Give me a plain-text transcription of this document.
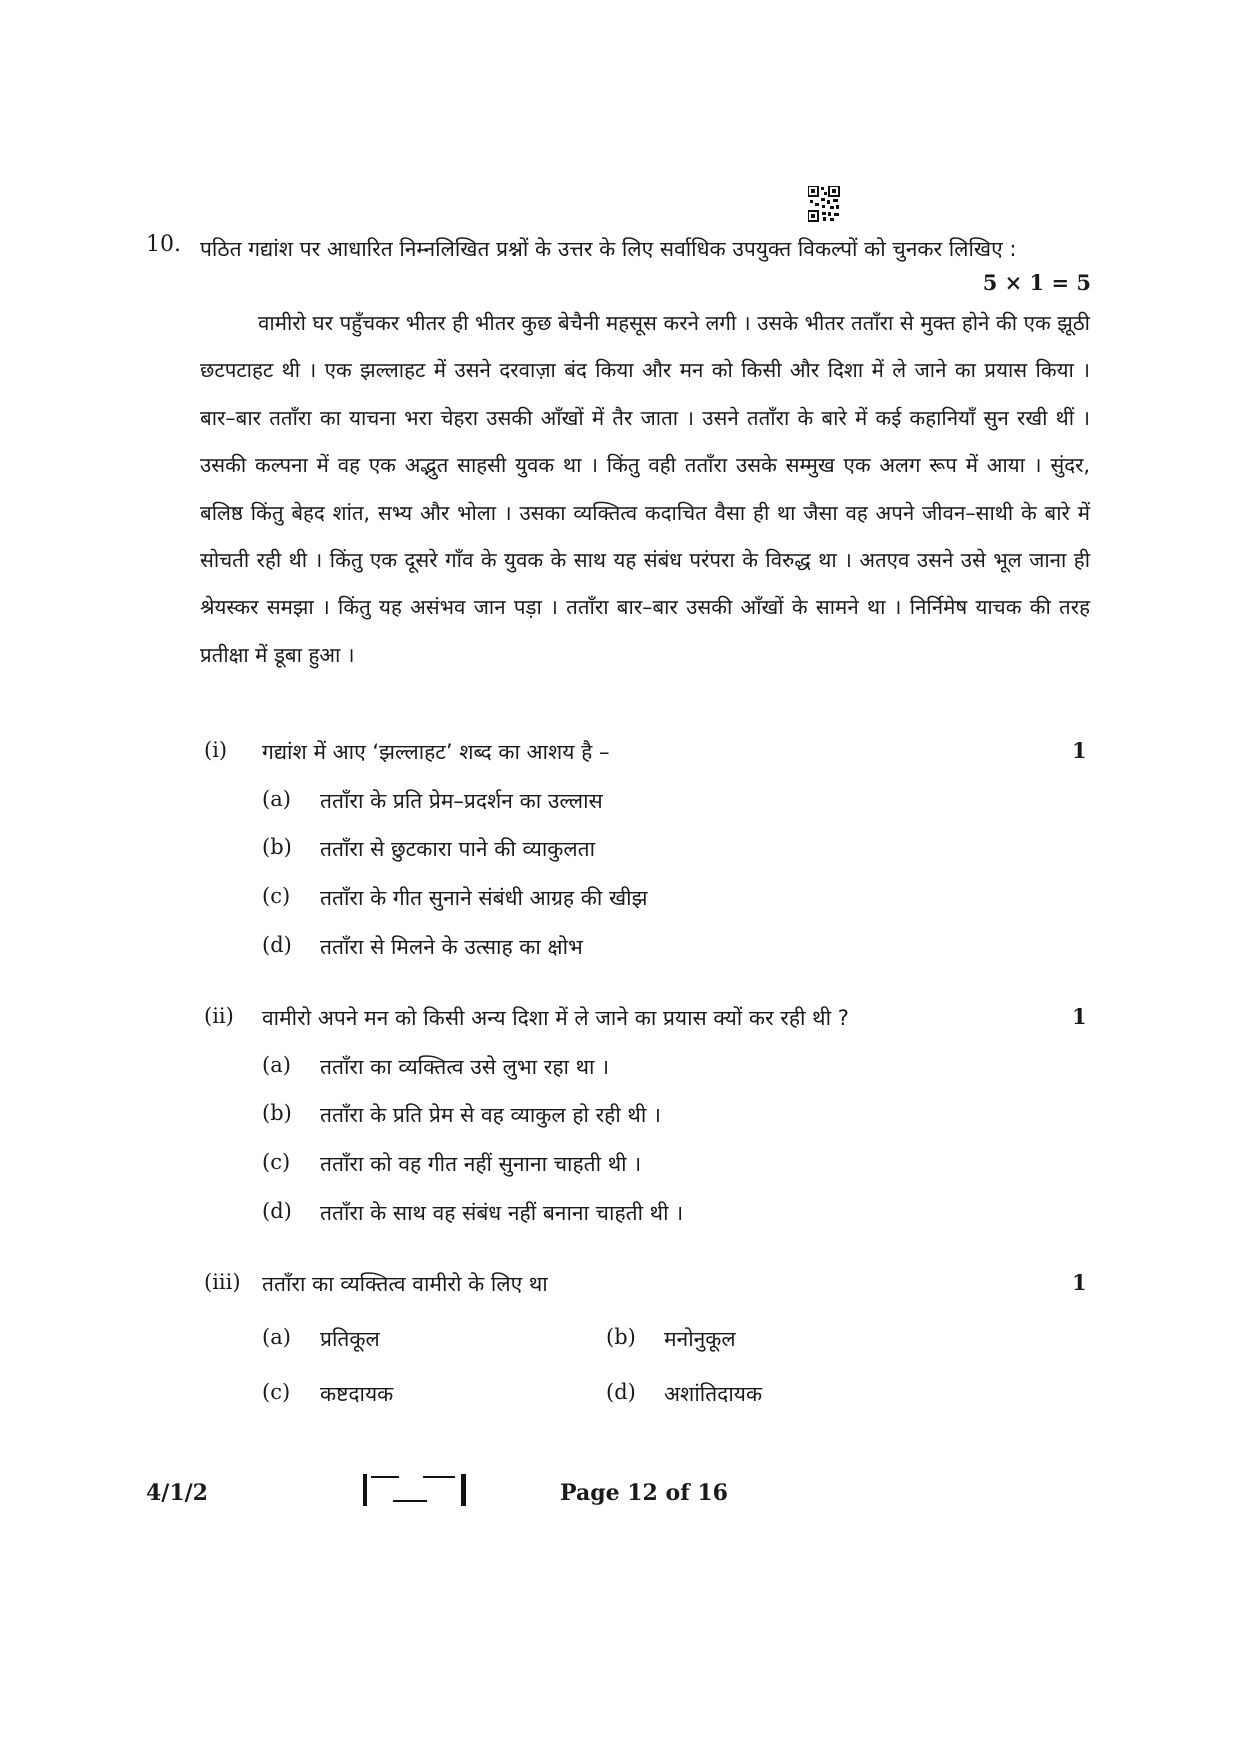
10. पठित गद्यांश पर आधारित निम्नलिखित प्रश्नों के उत्तर के लिए सर्वाधिक उपयुक्त विकल्पों को चुनकर लिखिए :
5 × 1 = 5
वामीरो घर पहुँचकर भीतर ही भीतर कुछ बेचैनी महसूस करने लगी । उसके भीतर तताँरा से मुक्त होने की एक झूठी छटपटाहट थी । एक झल्लाहट में उसने दरवाज़ा बंद किया और मन को किसी और दिशा में ले जाने का प्रयास किया । बार–बार तताँरा का याचना भरा चेहरा उसकी आँखों में तैर जाता । उसने तताँरा के बारे में कई कहानियाँ सुन रखी थीं । उसकी कल्पना में वह एक अद्भुत साहसी युवक था । किंतु वही तताँरा उसके सम्मुख एक अलग रूप में आया । सुंदर, बलिष्ठ किंतु बेहद शांत, सभ्य और भोला । उसका व्यक्तित्व कदाचित वैसा ही था जैसा वह अपने जीवन–साथी के बारे में सोचती रही थी । किंतु एक दूसरे गाँव के युवक के साथ यह संबंध परंपरा के विरुद्ध था । अतएव उसने उसे भूल जाना ही श्रेयस्कर समझा । किंतु यह असंभव जान पड़ा । तताँरा बार–बार उसकी आँखों के सामने था । निर्निमेष याचक की तरह प्रतीक्षा में डूबा हुआ ।
(i) गद्यांश में आए ‘झल्लाहट’ शब्द का आशय है –	1
(a) तताँरा के प्रति प्रेम–प्रदर्शन का उल्लास
(b) तताँरा से छुटकारा पाने की व्याकुलता
(c) तताँरा के गीत सुनाने संबंधी आग्रह की खीझ
(d) तताँरा से मिलने के उत्साह का क्षोभ
(ii) वामीरो अपने मन को किसी अन्य दिशा में ले जाने का प्रयास क्यों कर रही थी ?	1
(a) तताँरा का व्यक्तित्व उसे लुभा रहा था ।
(b) तताँरा के प्रति प्रेम से वह व्याकुल हो रही थी ।
(c) तताँरा को वह गीत नहीं सुनाना चाहती थी ।
(d) तताँरा के साथ वह संबंध नहीं बनाना चाहती थी ।
(iii) तताँरा का व्यक्तित्व वामीरो के लिए था	1
(a) प्रतिकूल	(b) मनोनुकूल
(c) कष्टदायक	(d) अशांतिदायक
4/1/2	Page 12 of 16
